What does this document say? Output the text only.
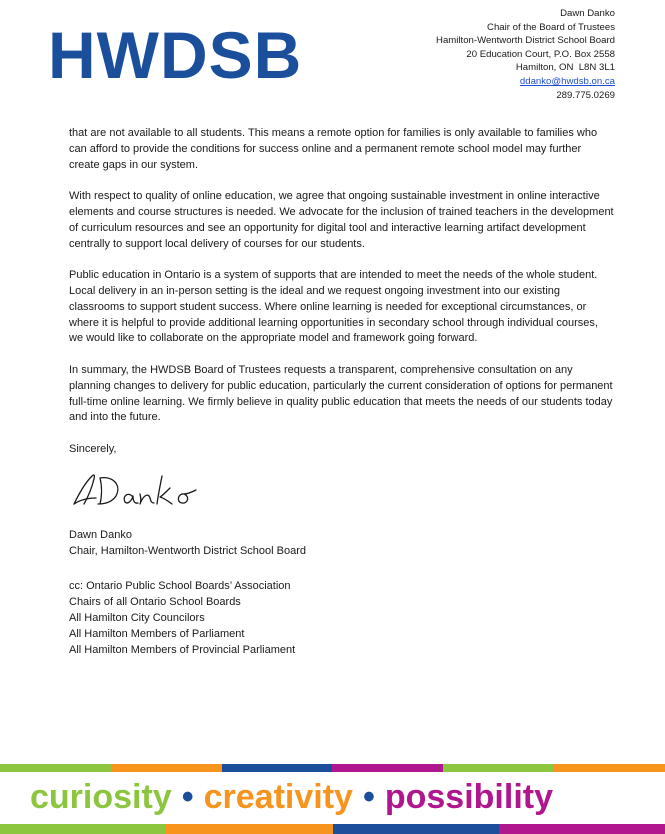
HWDSB
Dawn Danko
Chair of the Board of Trustees
Hamilton-Wentworth District School Board
20 Education Court, P.O. Box 2558
Hamilton, ON  L8N 3L1
ddanko@hwdsb.on.ca
289.775.0269

that are not available to all students. This means a remote option for families is only available to families who can afford to provide the conditions for success online and a permanent remote school model may further create gaps in our system.

With respect to quality of online education, we agree that ongoing sustainable investment in online interactive elements and course structures is needed. We advocate for the inclusion of trained teachers in the development of curriculum resources and see an opportunity for digital tool and interactive learning artifact development centrally to support local delivery of courses for our students.

Public education in Ontario is a system of supports that are intended to meet the needs of the whole student. Local delivery in an in-person setting is the ideal and we request ongoing investment into our existing classrooms to support student success. Where online learning is needed for exceptional circumstances, or where it is helpful to provide additional learning opportunities in secondary school through individual courses, we would like to collaborate on the appropriate model and framework going forward.

In summary, the HWDSB Board of Trustees requests a transparent, comprehensive consultation on any planning changes to delivery for public education, particularly the current consideration of options for permanent full-time online learning. We firmly believe in quality public education that meets the needs of our students today and into the future.

Sincerely,

Dawn Danko
Chair, Hamilton-Wentworth District School Board
cc: Ontario Public School Boards’ Association
Chairs of all Ontario School Boards
All Hamilton City Councilors
All Hamilton Members of Parliament
All Hamilton Members of Provincial Parliament
curiosity • creativity • possibility
